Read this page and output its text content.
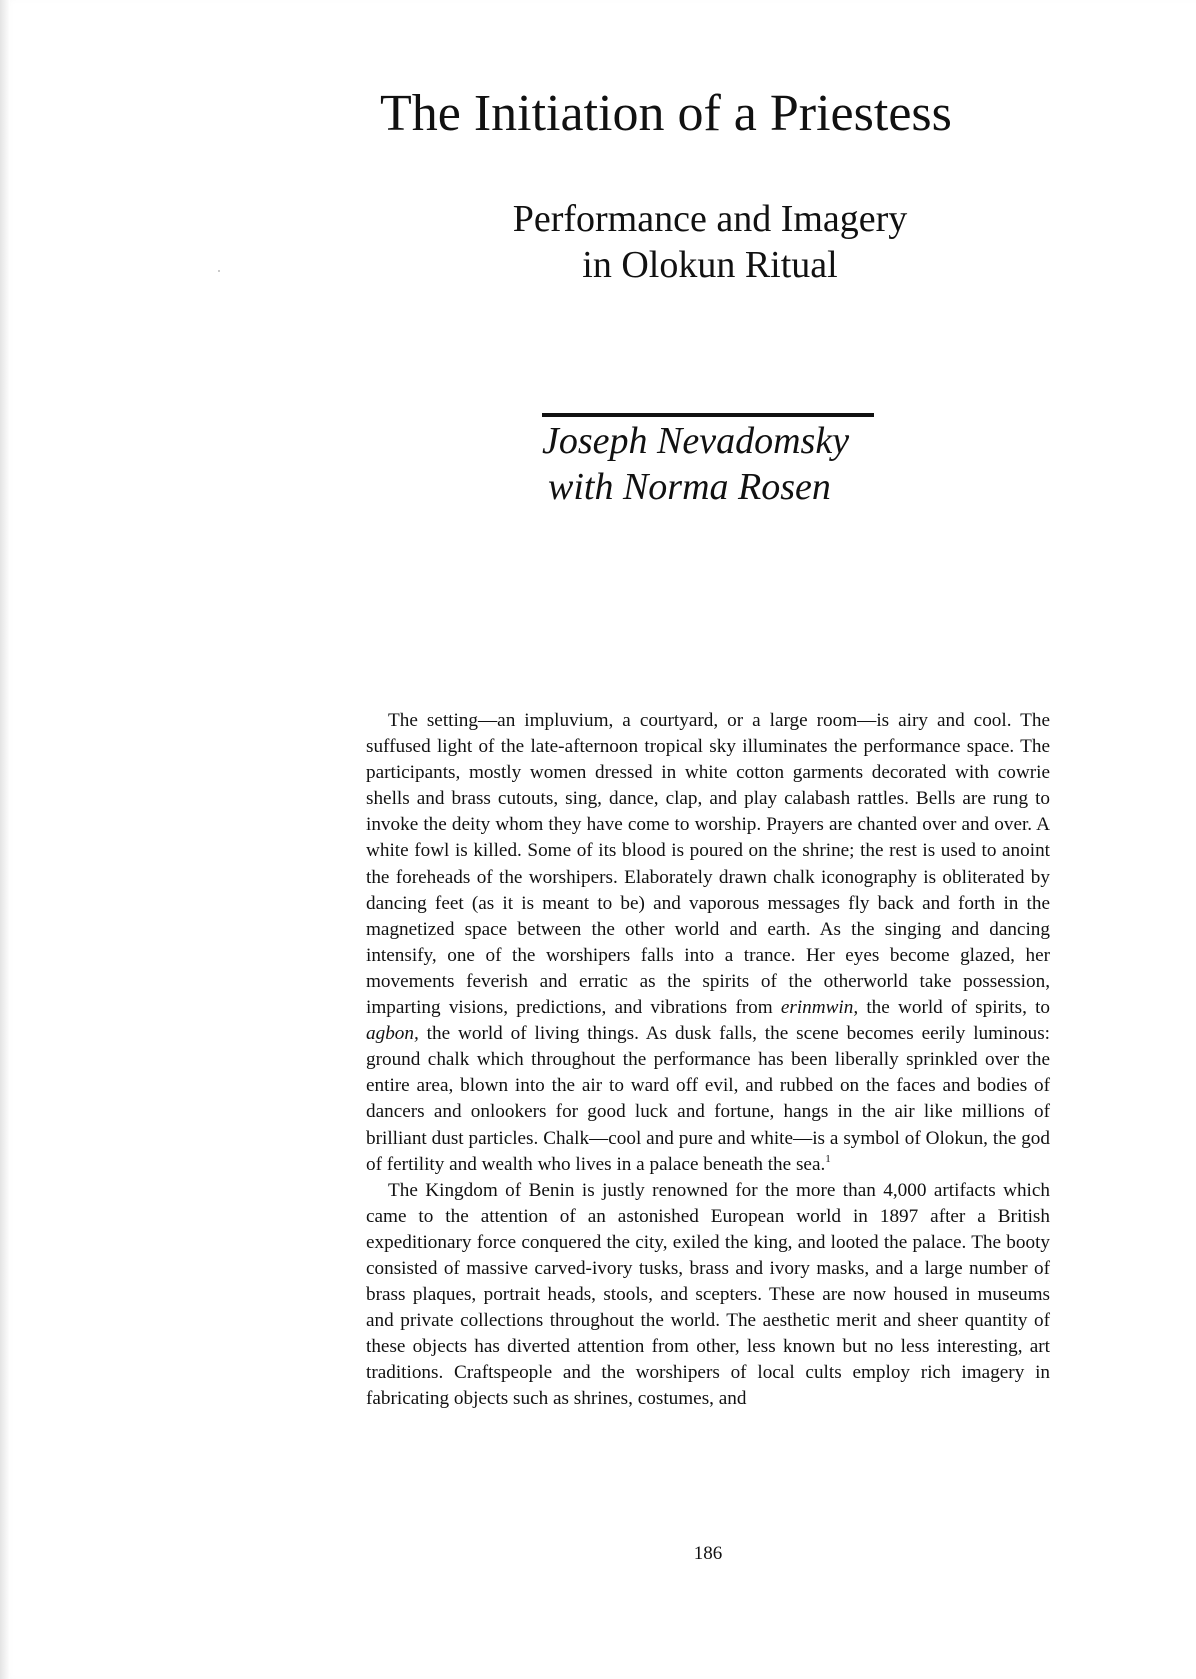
The Initiation of a Priestess
Performance and Imagery
in Olokun Ritual
Joseph Nevadomsky
with Norma Rosen

The setting—an impluvium, a courtyard, or a large room—is airy and cool. The suffused light of the late-afternoon tropical sky illuminates the performance space. The participants, mostly women dressed in white cotton garments decorated with cowrie shells and brass cutouts, sing, dance, clap, and play calabash rattles. Bells are rung to invoke the deity whom they have come to worship. Prayers are chanted over and over. A white fowl is killed. Some of its blood is poured on the shrine; the rest is used to anoint the foreheads of the worshipers. Elaborately drawn chalk iconography is obliterated by dancing feet (as it is meant to be) and vaporous messages fly back and forth in the magnetized space between the other world and earth. As the singing and dancing intensify, one of the worshipers falls into a trance. Her eyes become glazed, her movements feverish and erratic as the spirits of the otherworld take possession, imparting visions, predictions, and vibrations from erinmwin, the world of spirits, to agbon, the world of living things. As dusk falls, the scene becomes eerily luminous: ground chalk which throughout the performance has been liberally sprinkled over the entire area, blown into the air to ward off evil, and rubbed on the faces and bodies of dancers and onlookers for good luck and fortune, hangs in the air like millions of brilliant dust particles. Chalk—cool and pure and white—is a symbol of Olokun, the god of fertility and wealth who lives in a palace beneath the sea.$^1$

The Kingdom of Benin is justly renowned for the more than 4,000 artifacts which came to the attention of an astonished European world in 1897 after a British expeditionary force conquered the city, exiled the king, and looted the palace. The booty consisted of massive carved-ivory tusks, brass and ivory masks, and a large number of brass plaques, portrait heads, stools, and scepters. These are now housed in museums and private collections throughout the world. The aesthetic merit and sheer quantity of these objects has diverted attention from other, less known but no less interesting, art traditions. Craftspeople and the worshipers of local cults employ rich imagery in fabricating objects such as shrines, costumes, and

186
